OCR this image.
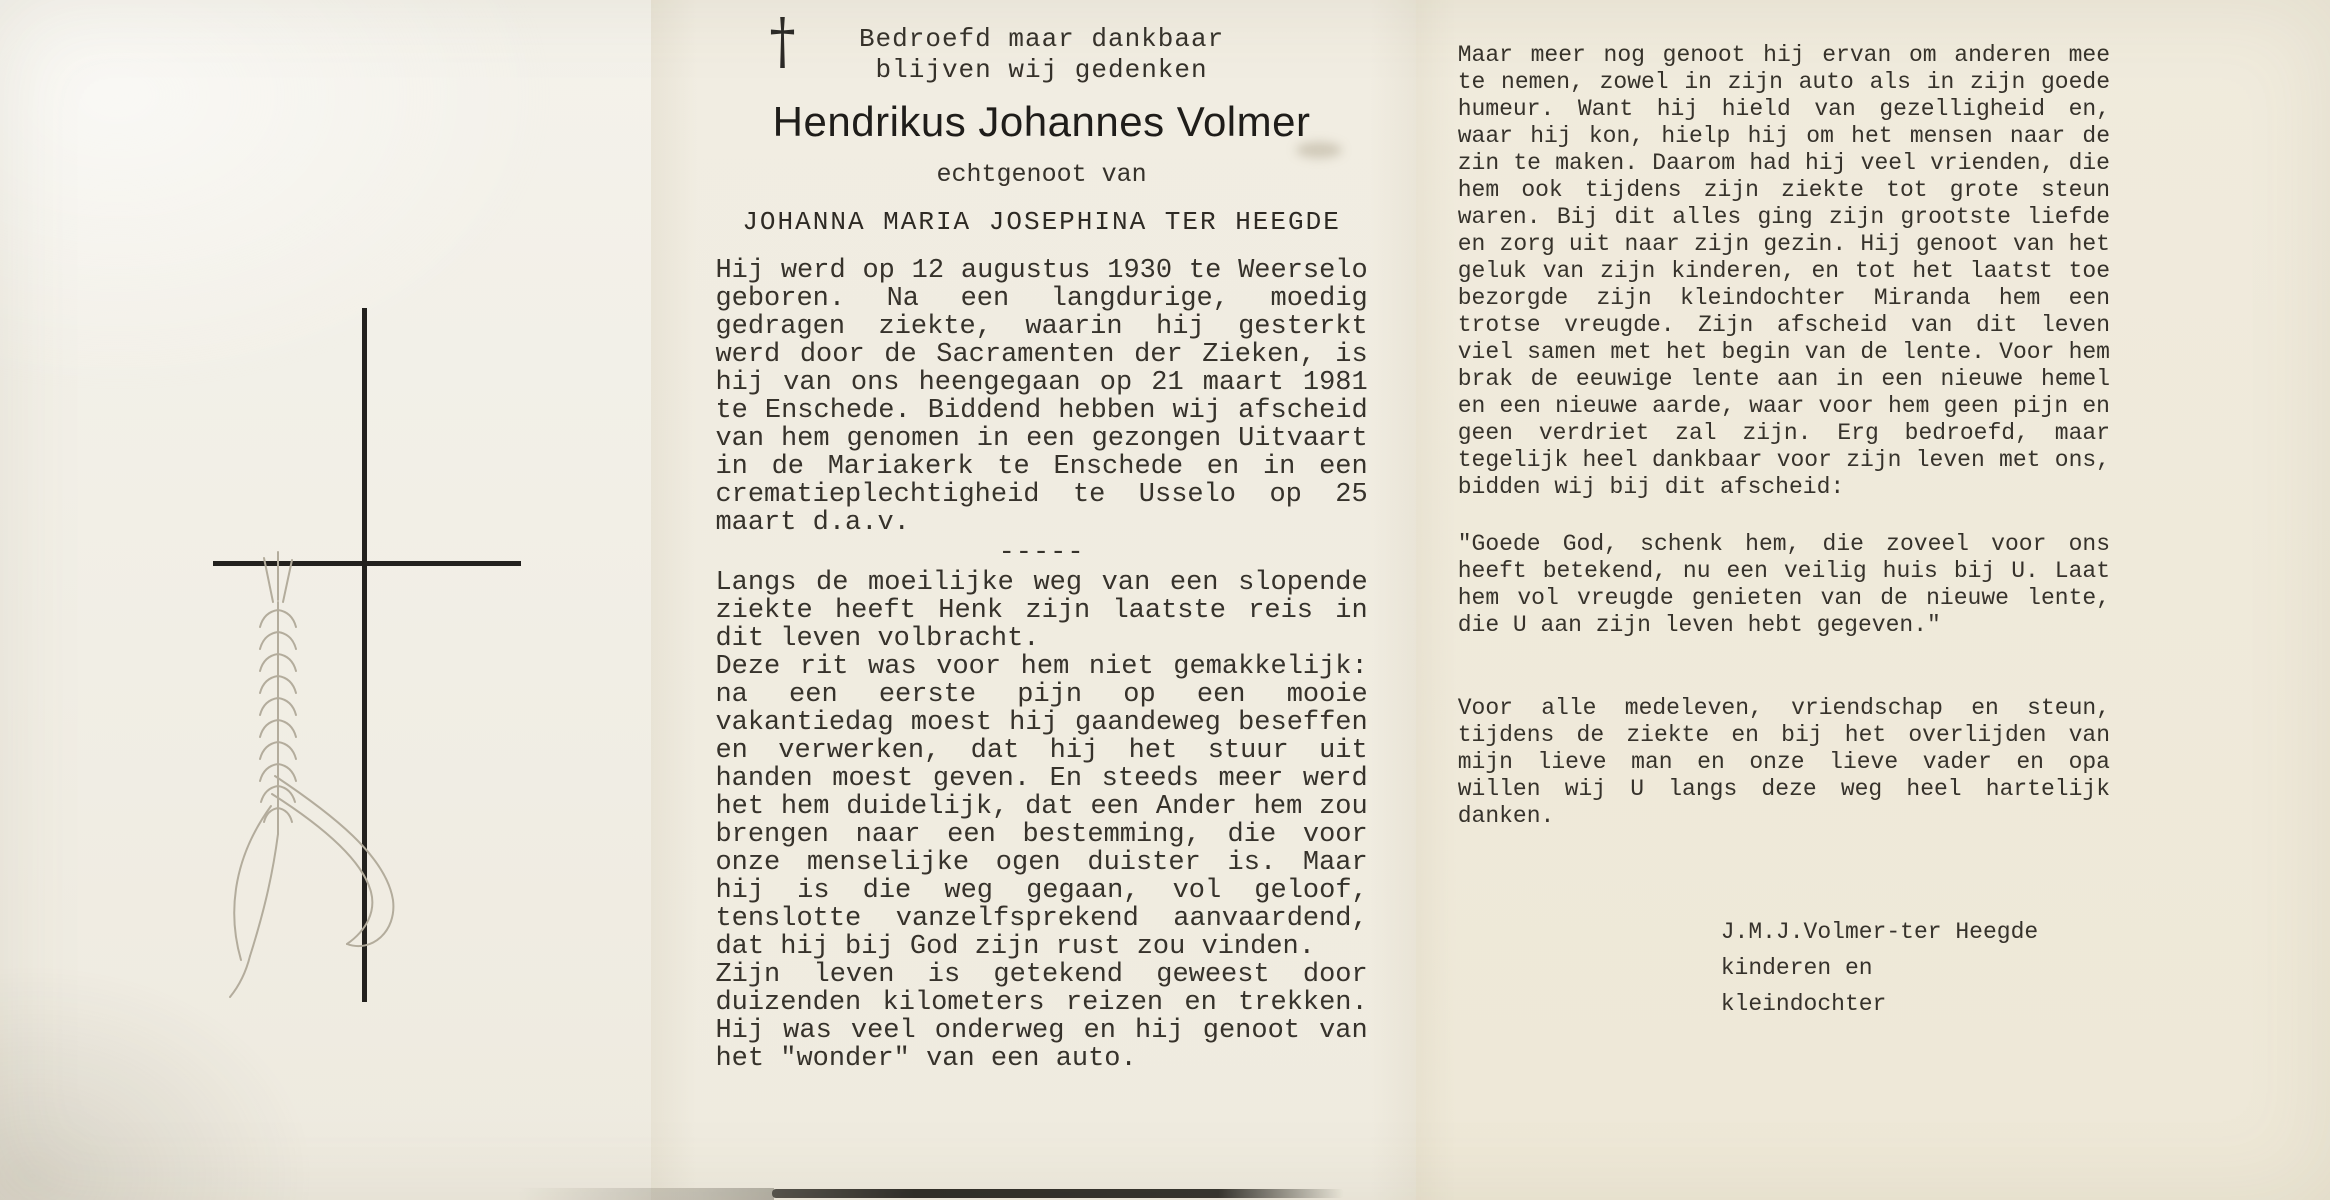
†	Bedroefd maar dankbaar
blijven wij gedenken
Hendrikus Johannes Volmer
echtgenoot van
JOHANNA MARIA JOSEPHINA TER HEEGDE

Hij werd op 12 augustus 1930 te Weerselo geboren. Na een langdurige, moedig gedragen ziekte, waarin hij gesterkt werd door de Sacramenten der Zieken, is hij van ons heengegaan op 21 maart 1981 te Enschede. Biddend hebben wij afscheid van hem genomen in een gezongen Uitvaart in de Mariakerk te Enschede en in een crematieplechtigheid te Usselo op 25 maart d.a.v.

-----

Langs de moeilijke weg van een slopende ziekte heeft Henk zijn laatste reis in dit leven volbracht.

Deze rit was voor hem niet gemakkelijk: na een eerste pijn op een mooie vakantiedag moest hij gaandeweg beseffen en verwerken, dat hij het stuur uit handen moest geven. En steeds meer werd het hem duidelijk, dat een Ander hem zou brengen naar een bestemming, die voor onze menselijke ogen duister is. Maar hij is die weg gegaan, vol geloof, tenslotte vanzelfsprekend aanvaardend, dat hij bij God zijn rust zou vinden.

Zijn leven is getekend geweest door duizenden kilometers reizen en trekken. Hij was veel onderweg en hij genoot van het "wonder" van een auto.

Maar meer nog genoot hij ervan om anderen mee te nemen, zowel in zijn auto als in zijn goede humeur. Want hij hield van gezelligheid en, waar hij kon, hielp hij om het mensen naar de zin te maken. Daarom had hij veel vrienden, die hem ook tijdens zijn ziekte tot grote steun waren. Bij dit alles ging zijn grootste liefde en zorg uit naar zijn gezin. Hij genoot van het geluk van zijn kinderen, en tot het laatst toe bezorgde zijn kleindochter Miranda hem een trotse vreugde. Zijn afscheid van dit leven viel samen met het begin van de lente. Voor hem brak de eeuwige lente aan in een nieuwe hemel en een nieuwe aarde, waar voor hem geen pijn en geen verdriet zal zijn. Erg bedroefd, maar tegelijk heel dankbaar voor zijn leven met ons, bidden wij bij dit afscheid:

"Goede God, schenk hem, die zoveel voor ons heeft betekend, nu een veilig huis bij U. Laat hem vol vreugde genieten van de nieuwe lente, die U aan zijn leven hebt gegeven."

Voor alle medeleven, vriendschap en steun, tijdens de ziekte en bij het overlijden van mijn lieve man en onze lieve vader en opa willen wij U langs deze weg heel hartelijk danken.

J.M.J.Volmer-ter Heegde
kinderen en
kleindochter
